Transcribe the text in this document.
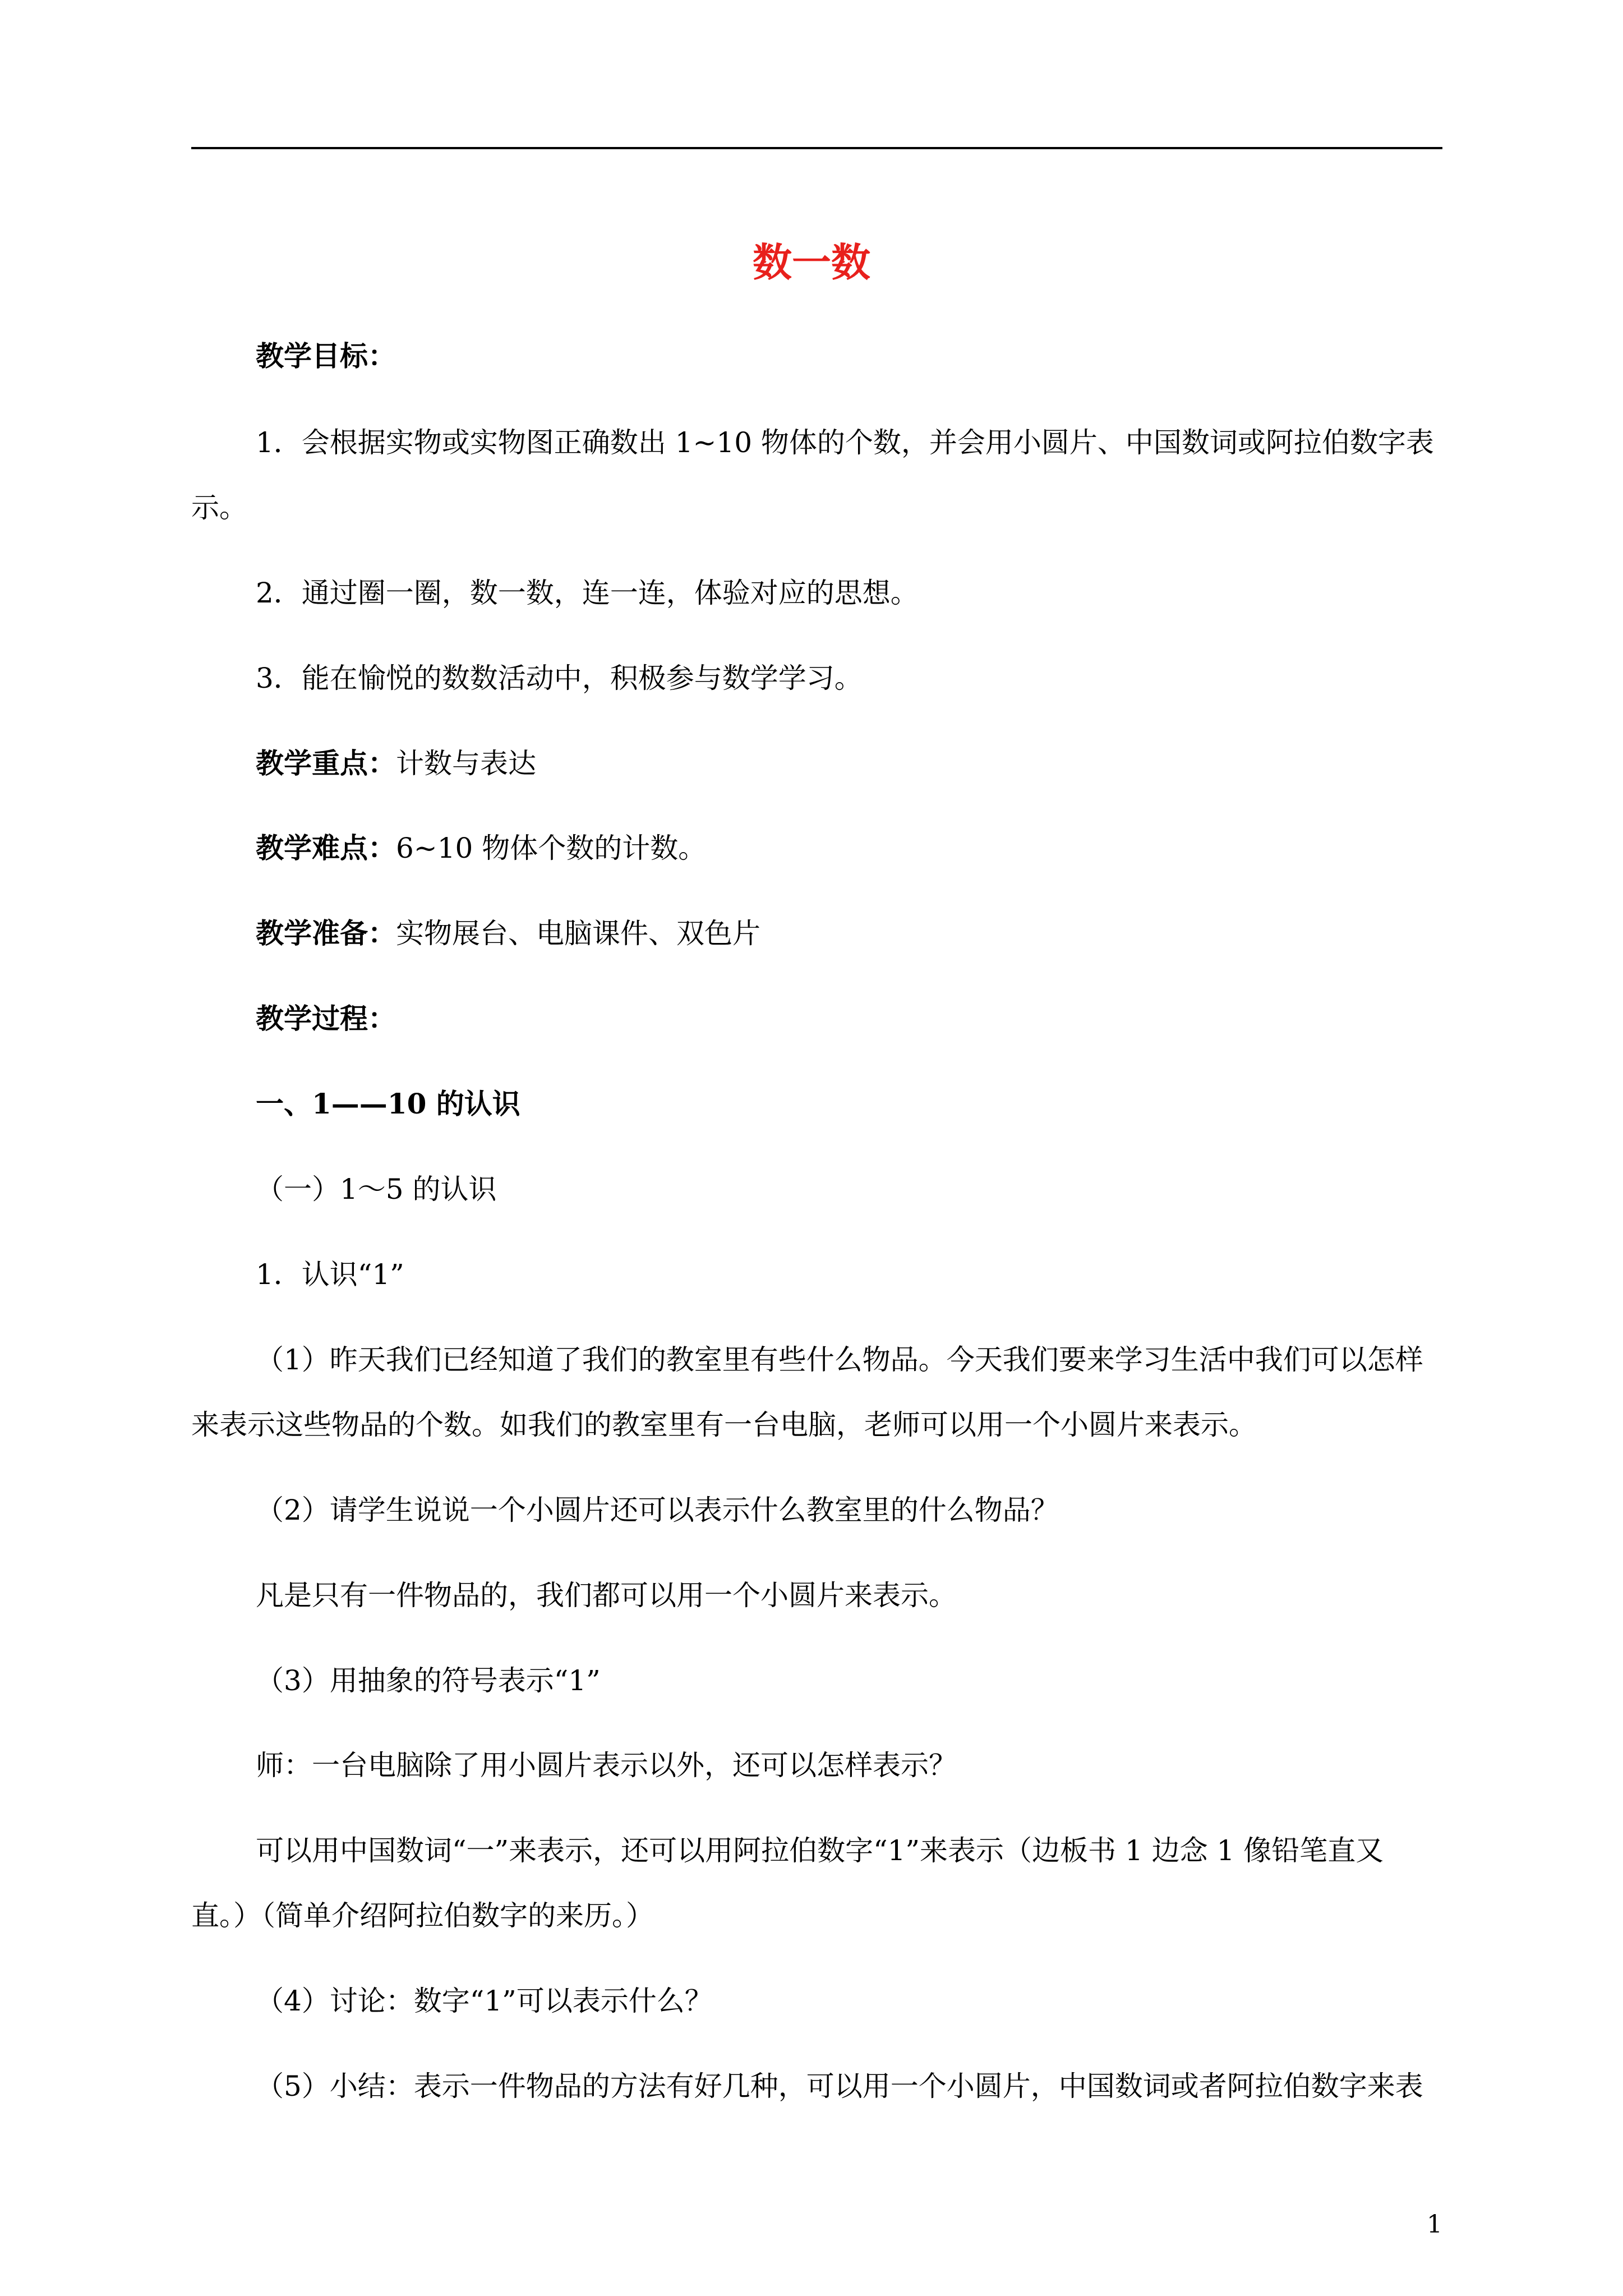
数一数
教学目标：
1．会根据实物或实物图正确数出 1~10 物体的个数，并会用小圆片、中国数词或阿拉伯数字表
示。
2．通过圈一圈，数一数，连一连，体验对应的思想。
3．能在愉悦的数数活动中，积极参与数学学习。
教学重点：计数与表达
教学难点：6~10 物体个数的计数。
教学准备：实物展台、电脑课件、双色片
教学过程：
一、1——10 的认识
（一）1～5 的认识
1．认识“1”
（1）昨天我们已经知道了我们的教室里有些什么物品。今天我们要来学习生活中我们可以怎样
来表示这些物品的个数。如我们的教室里有一台电脑，老师可以用一个小圆片来表示。
（2）请学生说说一个小圆片还可以表示什么教室里的什么物品？
凡是只有一件物品的，我们都可以用一个小圆片来表示。
（3）用抽象的符号表示“1”
师：一台电脑除了用小圆片表示以外，还可以怎样表示？
可以用中国数词“一”来表示，还可以用阿拉伯数字“1”来表示（边板书 1 边念 1 像铅笔直又
直。）（简单介绍阿拉伯数字的来历。）
（4）讨论：数字“1”可以表示什么？
（5）小结：表示一件物品的方法有好几种，可以用一个小圆片，中国数词或者阿拉伯数字来表
1
